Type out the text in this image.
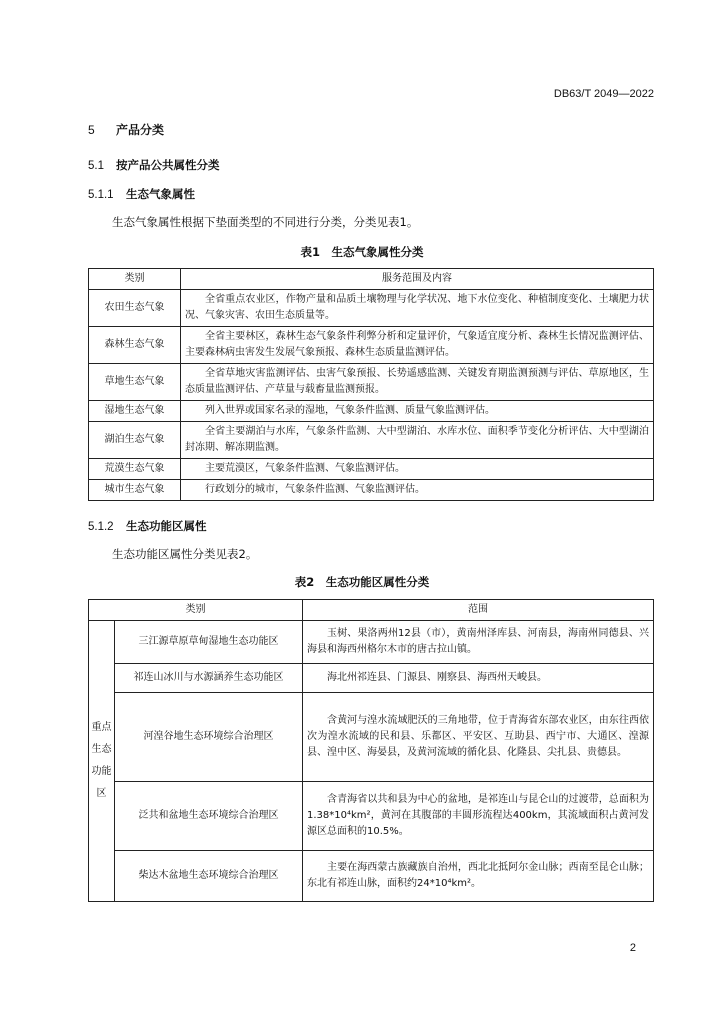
DB63/T 2049—2022
5 产品分类
5.1 按产品公共属性分类
5.1.1 生态气象属性
生态气象属性根据下垫面类型的不同进行分类，分类见表1。
表1　生态气象属性分类
类别	服务范围及内容
农田生态气象	全省重点农业区，作物产量和品质土壤物理与化学状况、地下水位变化、种植制度变化、土壤肥力状况、气象灾害、农田生态质量等。
森林生态气象	全省主要林区，森林生态气象条件利弊分析和定量评价，气象适宜度分析、森林生长情况监测评估、主要森林病虫害发生发展气象预报、森林生态质量监测评估。
草地生态气象	全省草地灾害监测评估、虫害气象预报、长势遥感监测、关键发育期监测预测与评估、草原地区，生态质量监测评估、产草量与载畜量监测预报。
湿地生态气象	列入世界或国家名录的湿地，气象条件监测、质量气象监测评估。
湖泊生态气象	全省主要湖泊与水库，气象条件监测、大中型湖泊、水库水位、面积季节变化分析评估、大中型湖泊封冻期、解冻期监测。
荒漠生态气象	主要荒漠区，气象条件监测、气象监测评估。
城市生态气象	行政划分的城市，气象条件监测、气象监测评估。
5.1.2 生态功能区属性
生态功能区属性分类见表2。
表2　生态功能区属性分类
类别		范围
重点生态功能区	三江源草原草甸湿地生态功能区	玉树、果洛两州12县（市），黄南州泽库县、河南县，海南州同德县、兴海县和海西州格尔木市的唐古拉山镇。
	祁连山冰川与水源涵养生态功能区	海北州祁连县、门源县、刚察县、海西州天峻县。
	河湟谷地生态环境综合治理区	含黄河与湟水流域肥沃的三角地带，位于青海省东部农业区，由东往西依次为湟水流域的民和县、乐都区、平安区、互助县、西宁市、大通区、湟源县、湟中区、海晏县，及黄河流域的循化县、化隆县、尖扎县、贵德县。
	泛共和盆地生态环境综合治理区	含青海省以共和县为中心的盆地，是祁连山与昆仑山的过渡带，总面积为1.38*10⁴km²，黄河在其腹部的丰圆形流程达400km，其流域面积占黄河发源区总面积的10.5%。
	柴达木盆地生态环境综合治理区	主要在海西蒙古族藏族自治州，西北北抵阿尔金山脉；西南至昆仑山脉；东北有祁连山脉，面积约24*10⁴km²。
2
